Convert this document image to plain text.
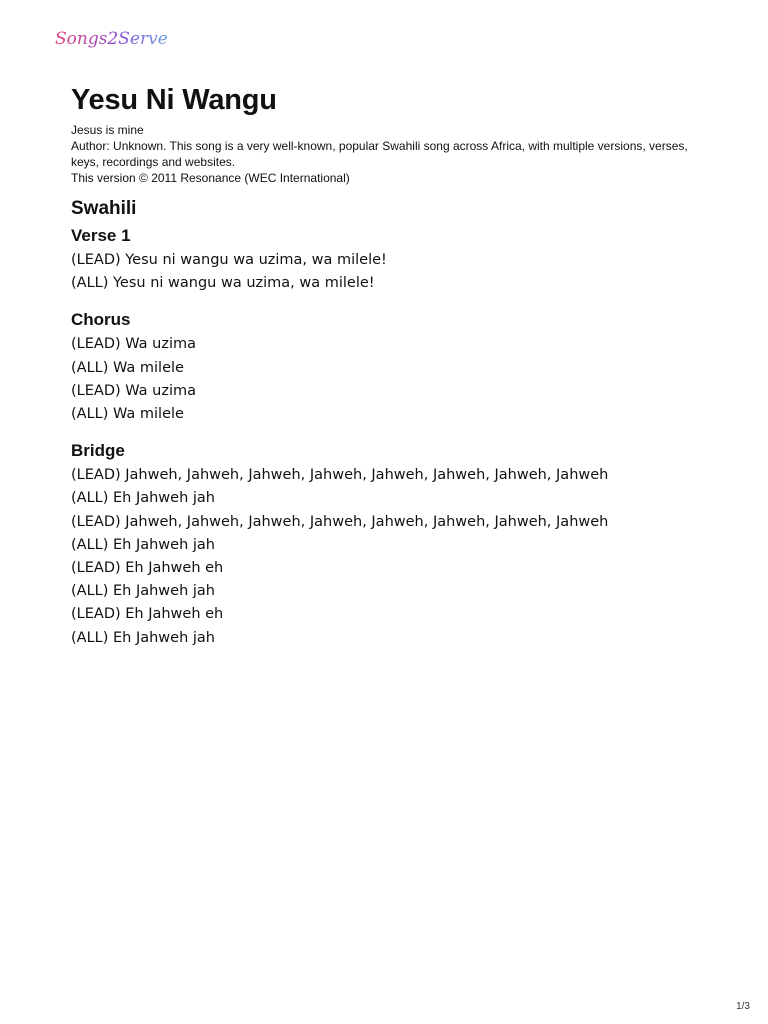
Songs2Serve
Yesu Ni Wangu
Jesus is mine
Author: Unknown. This song is a very well-known, popular Swahili song across Africa, with multiple versions, verses, keys, recordings and websites.
This version © 2011 Resonance (WEC International)
Swahili
Verse 1
(LEAD) Yesu ni wangu wa uzima, wa milele!
(ALL) Yesu ni wangu wa uzima, wa milele!
Chorus
(LEAD) Wa uzima
(ALL) Wa milele
(LEAD) Wa uzima
(ALL) Wa milele
Bridge
(LEAD) Jahweh, Jahweh, Jahweh, Jahweh, Jahweh, Jahweh, Jahweh, Jahweh
(ALL) Eh Jahweh jah
(LEAD) Jahweh, Jahweh, Jahweh, Jahweh, Jahweh, Jahweh, Jahweh, Jahweh
(ALL) Eh Jahweh jah
(LEAD) Eh Jahweh eh
(ALL) Eh Jahweh jah
(LEAD) Eh Jahweh eh
(ALL) Eh Jahweh jah
1/3
